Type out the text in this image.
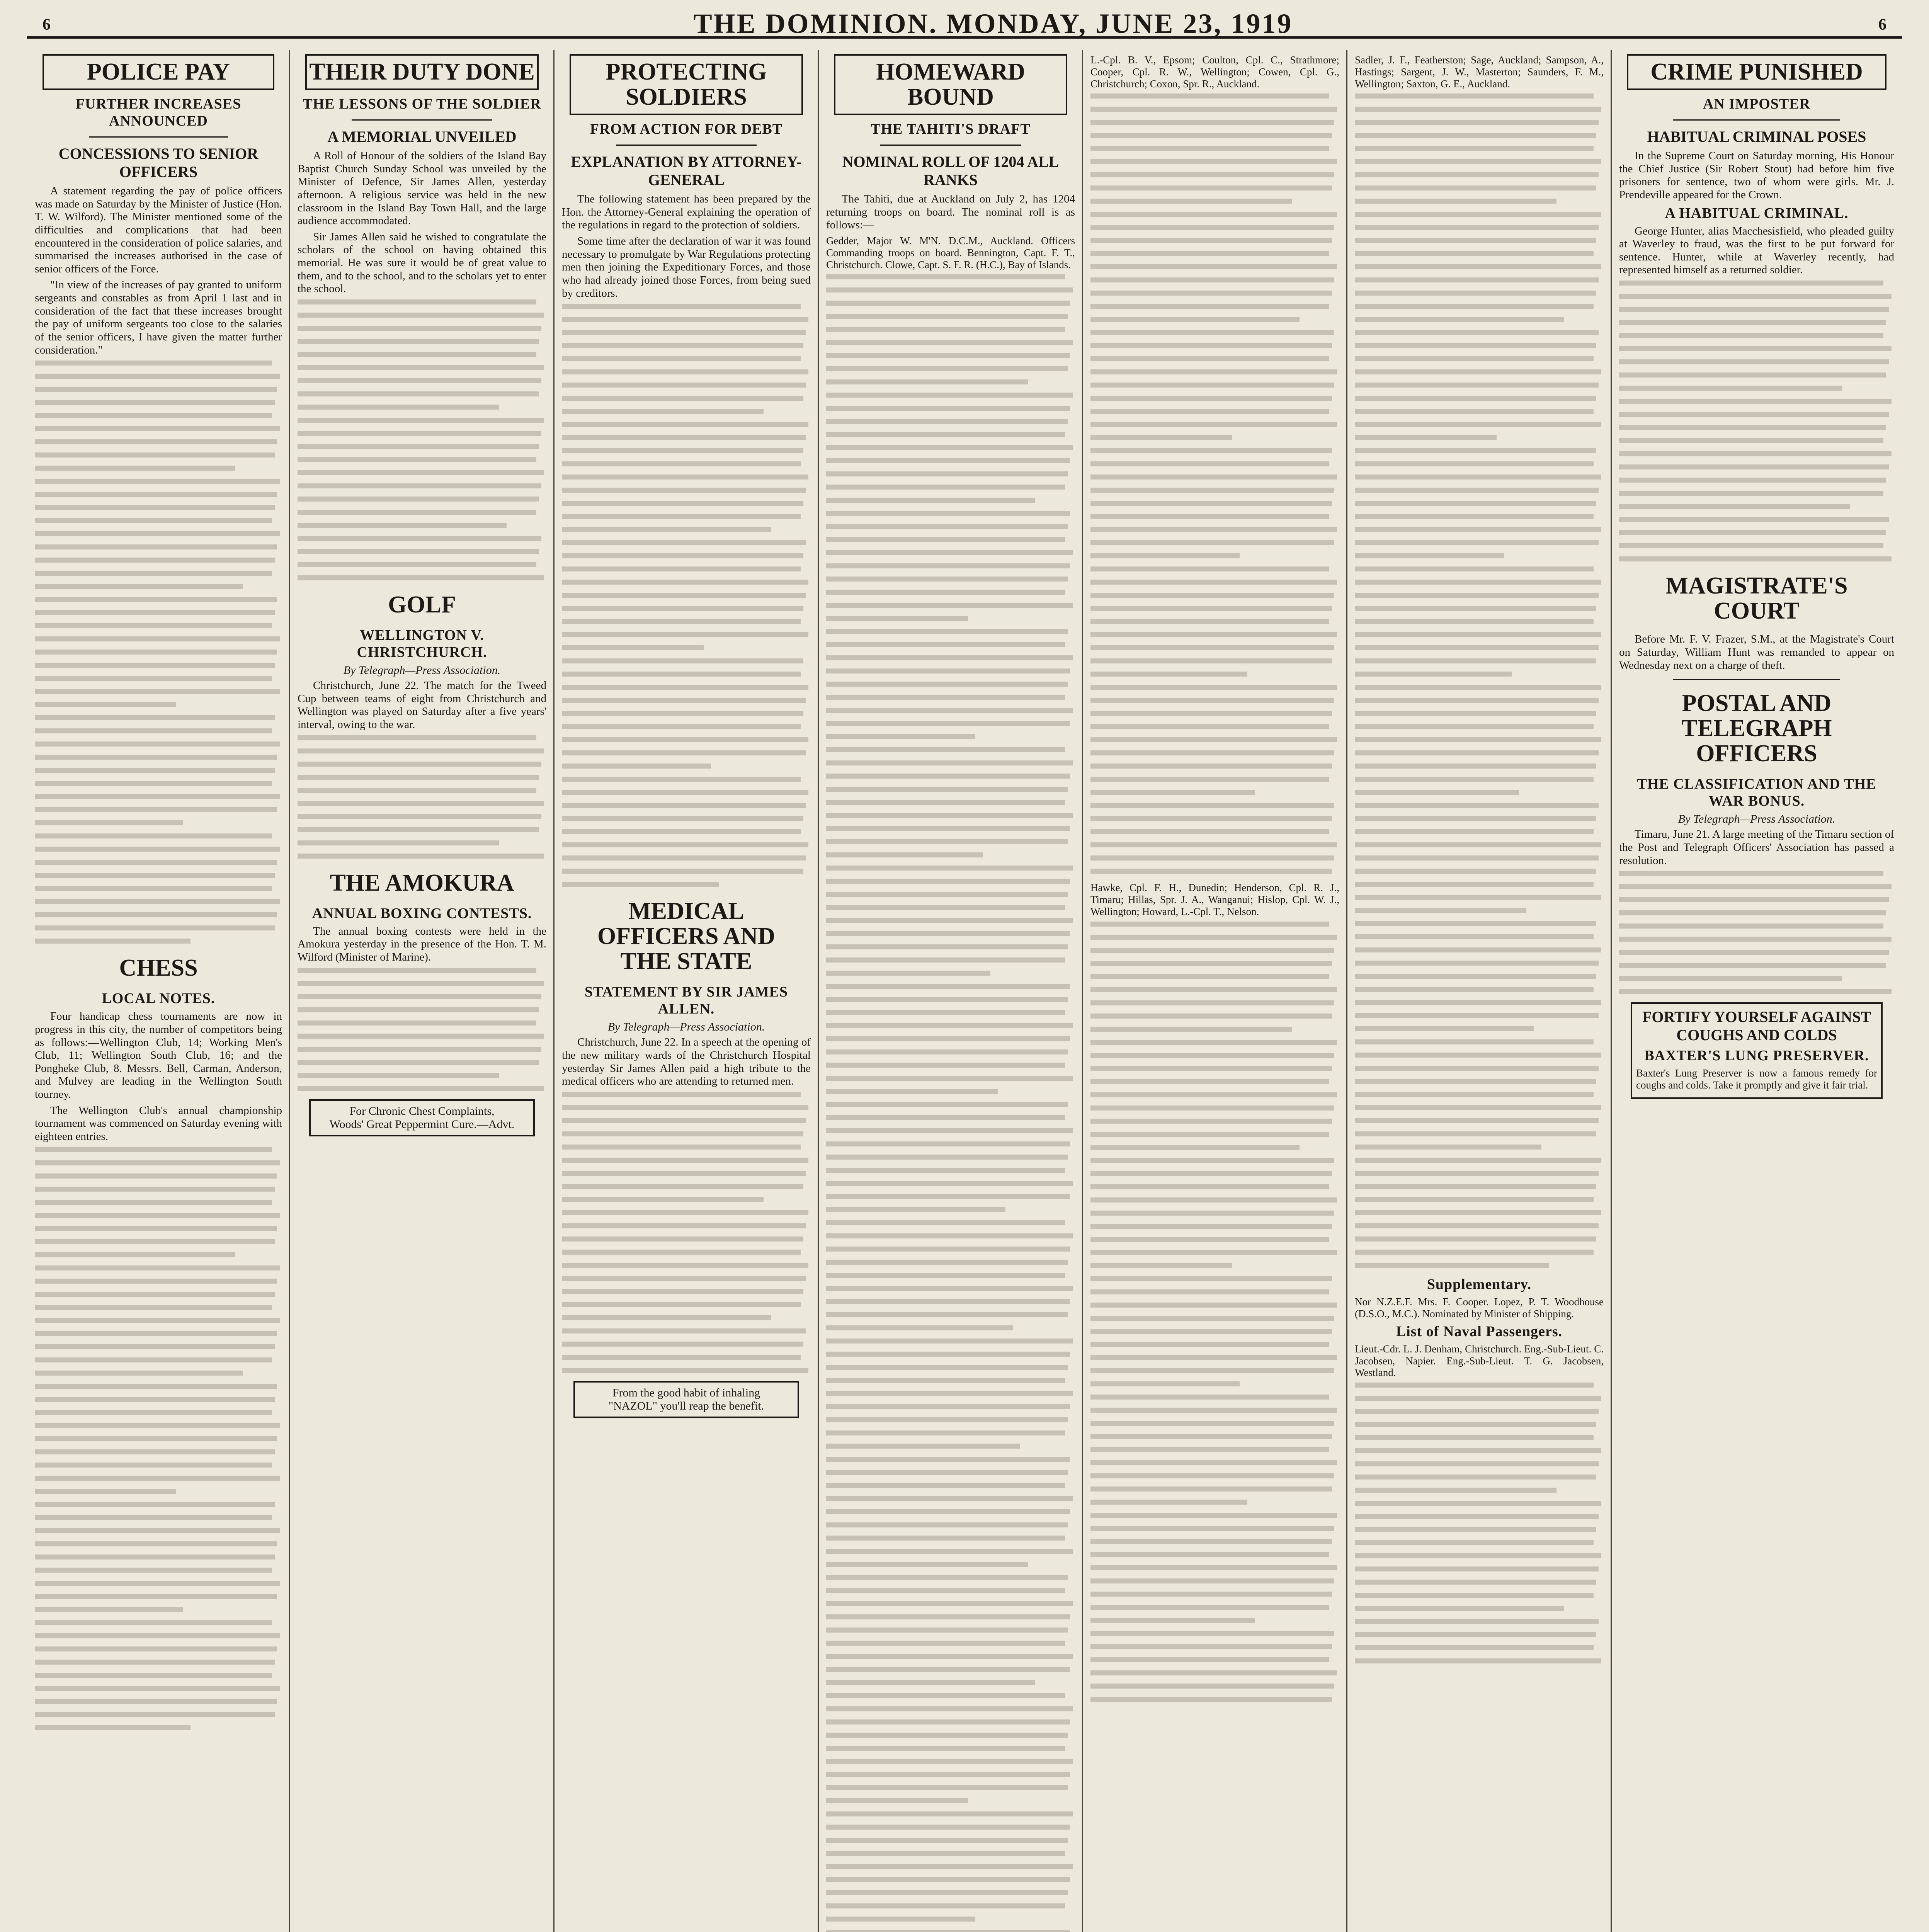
6	THE DOMINION. MONDAY, JUNE 23, 1919	6
POLICE PAY
FURTHER INCREASES ANNOUNCED
CONCESSIONS TO SENIOR OFFICERS

A statement regarding the pay of police officers was made on Saturday by the Minister of Justice (Hon. T. W. Wilford). The Minister mentioned some of the difficulties and complications that had been encountered in the consideration of police salaries, and summarised the increases authorised in the case of senior officers of the Force.

"In view of the increases of pay granted to uniform sergeants and constables as from April 1 last and in consideration of the fact that these increases brought the pay of uniform sergeants too close to the salaries of the senior officers, I have given the matter further consideration."

CHESS
LOCAL NOTES.

Four handicap chess tournaments are now in progress in this city, the number of competitors being as follows:—Wellington Club, 14; Working Men's Club, 11; Wellington South Club, 16; and the Pongheke Club, 8. Messrs. Bell, Carman, Anderson, and Mulvey are leading in the Wellington South tourney.

The Wellington Club's annual championship tournament was commenced on Saturday evening with eighteen entries.

THEIR DUTY DONE
THE LESSONS OF THE SOLDIER
A MEMORIAL UNVEILED

A Roll of Honour of the soldiers of the Island Bay Baptist Church Sunday School was unveiled by the Minister of Defence, Sir James Allen, yesterday afternoon. A religious service was held in the new classroom in the Island Bay Town Hall, and the large audience accommodated.

Sir James Allen said he wished to congratulate the scholars of the school on having obtained this memorial. He was sure it would be of great value to them, and to the school, and to the scholars yet to enter the school.

GOLF
WELLINGTON V. CHRISTCHURCH.
By Telegraph—Press Association.

Christchurch, June 22. The match for the Tweed Cup between teams of eight from Christchurch and Wellington was played on Saturday after a five years' interval, owing to the war.

THE AMOKURA
ANNUAL BOXING CONTESTS.

The annual boxing contests were held in the Amokura yesterday in the presence of the Hon. T. M. Wilford (Minister of Marine).

For Chronic Chest Complaints,
Woods' Great Peppermint Cure.—Advt.
PROTECTING SOLDIERS
FROM ACTION FOR DEBT
EXPLANATION BY ATTORNEY-GENERAL

The following statement has been prepared by the Hon. the Attorney-General explaining the operation of the regulations in regard to the protection of soldiers.

Some time after the declaration of war it was found necessary to promulgate by War Regulations protecting men then joining the Expeditionary Forces, and those who had already joined those Forces, from being sued by creditors.

MEDICAL OFFICERS AND THE STATE
STATEMENT BY SIR JAMES ALLEN.
By Telegraph—Press Association.

Christchurch, June 22. In a speech at the opening of the new military wards of the Christchurch Hospital yesterday Sir James Allen paid a high tribute to the medical officers who are attending to returned men.

From the good habit of inhaling
"NAZOL" you'll reap the benefit.
HOMEWARD BOUND
THE TAHITI'S DRAFT
NOMINAL ROLL OF 1204 ALL RANKS

The Tahiti, due at Auckland on July 2, has 1204 returning troops on board. The nominal roll is as follows:—

Gedder, Major W. M'N. D.C.M., Auckland. Officers Commanding troops on board. Bennington, Capt. F. T., Christchurch. Clowe, Capt. S. F. R. (H.C.), Bay of Islands.

L.-Cpl. B. V., Epsom; Coulton, Cpl. C., Strathmore; Cooper, Cpl. R. W., Wellington; Cowen, Cpl. G., Christchurch; Coxon, Spr. R., Auckland.

Hawke, Cpl. F. H., Dunedin; Henderson, Cpl. R. J., Timaru; Hillas, Spr. J. A., Wanganui; Hislop, Cpl. W. J., Wellington; Howard, L.-Cpl. T., Nelson.

Sadler, J. F., Featherston; Sage, Auckland; Sampson, A., Hastings; Sargent, J. W., Masterton; Saunders, F. M., Wellington; Saxton, G. E., Auckland.

Supplementary.

Nor N.Z.E.F. Mrs. F. Cooper. Lopez, P. T. Woodhouse (D.S.O., M.C.). Nominated by Minister of Shipping.

List of Naval Passengers.

Lieut.-Cdr. L. J. Denham, Christchurch. Eng.-Sub-Lieut. C. Jacobsen, Napier. Eng.-Sub-Lieut. T. G. Jacobsen, Westland.

CRIME PUNISHED
AN IMPOSTER
HABITUAL CRIMINAL POSES

In the Supreme Court on Saturday morning, His Honour the Chief Justice (Sir Robert Stout) had before him five prisoners for sentence, two of whom were girls. Mr. J. Prendeville appeared for the Crown.

A HABITUAL CRIMINAL.

George Hunter, alias Macchesisfield, who pleaded guilty at Waverley to fraud, was the first to be put forward for sentence. Hunter, while at Waverley recently, had represented himself as a returned soldier.

MAGISTRATE'S COURT

Before Mr. F. V. Frazer, S.M., at the Magistrate's Court on Saturday, William Hunt was remanded to appear on Wednesday next on a charge of theft.

POSTAL AND TELEGRAPH OFFICERS
THE CLASSIFICATION AND THE WAR BONUS.
By Telegraph—Press Association.

Timaru, June 21. A large meeting of the Timaru section of the Post and Telegraph Officers' Association has passed a resolution.

FORTIFY YOURSELF AGAINST COUGHS AND COLDS
BAXTER'S LUNG PRESERVER.

Baxter's Lung Preserver is now a famous remedy for coughs and colds. Take it promptly and give it fair trial.
